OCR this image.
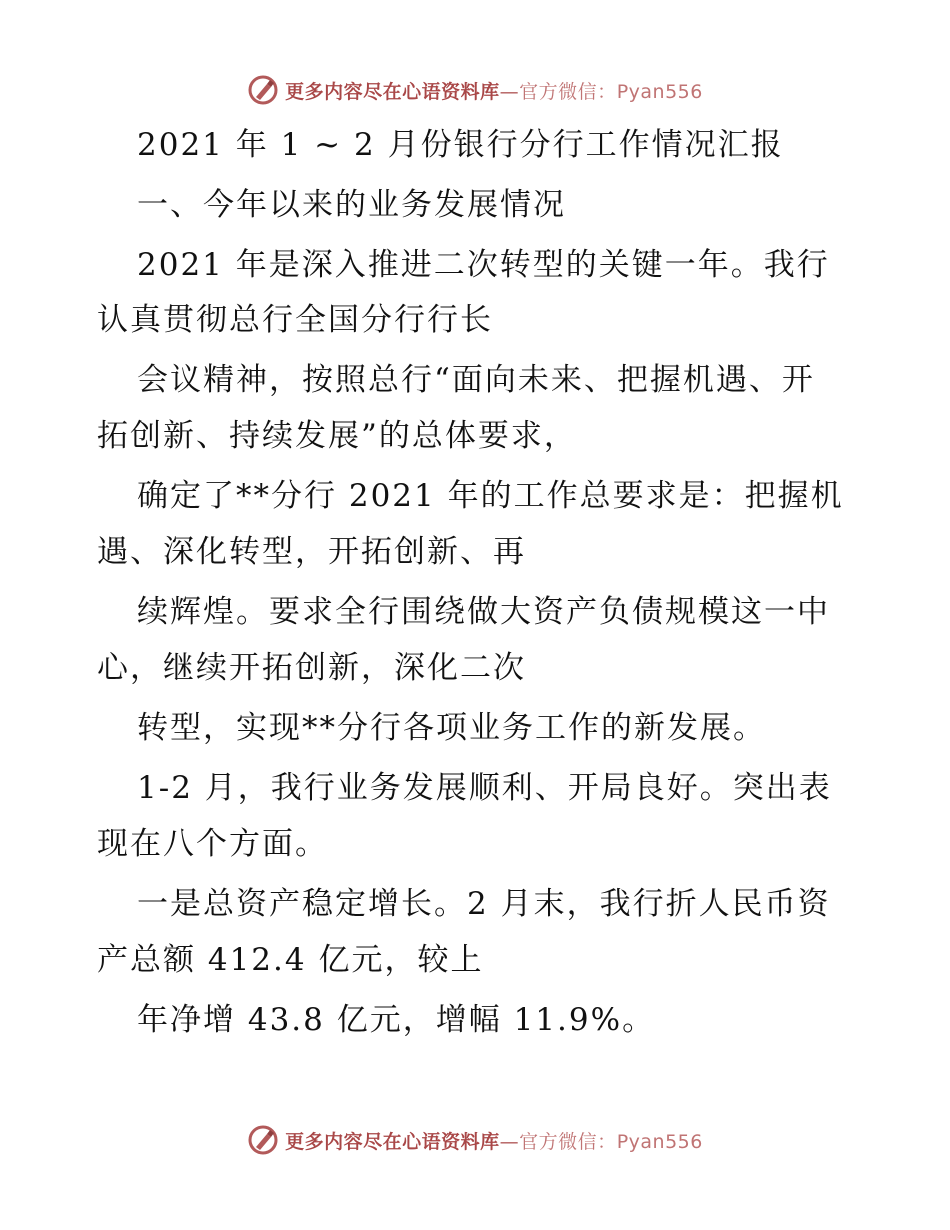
更多内容尽在心语资料库—官方微信：Pyan556
2021 年 1 ~ 2 月份银行分行工作情况汇报
一、今年以来的业务发展情况
2021 年是深入推进二次转型的关键一年。我行
认真贯彻总行全国分行行长
会议精神，按照总行“面向未来、把握机遇、开
拓创新、持续发展”的总体要求，
确定了**分行 2021 年的工作总要求是：把握机
遇、深化转型，开拓创新、再
续辉煌。要求全行围绕做大资产负债规模这一中
心，继续开拓创新，深化二次
转型，实现**分行各项业务工作的新发展。
1-2 月，我行业务发展顺利、开局良好。突出表
现在八个方面。
一是总资产稳定增长。2 月末，我行折人民币资
产总额 412.4 亿元，较上
年净增 43.8 亿元，增幅 11.9%。
更多内容尽在心语资料库—官方微信：Pyan556
